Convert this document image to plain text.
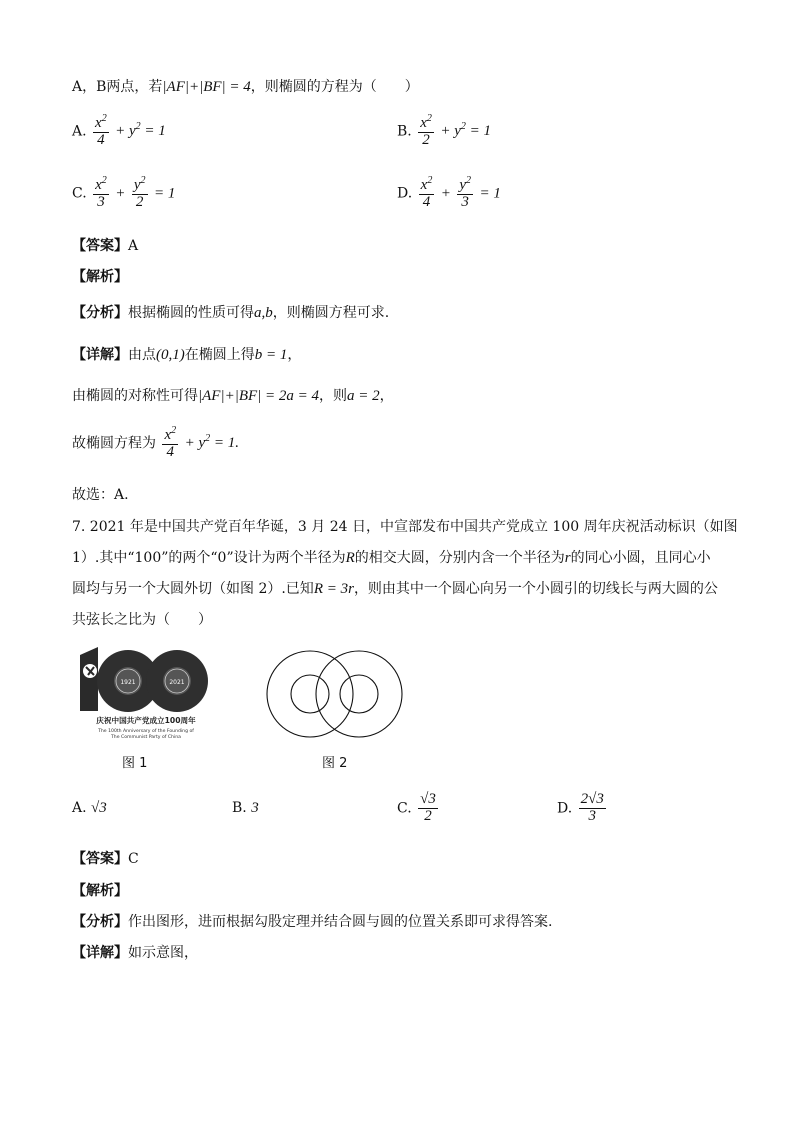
A，B两点，若|AF|+|BF| = 4，则椭圆的方程为（　　）
A. $\frac{x^2}{4} + y^2 = 1$	B. $\frac{x^2}{2} + y^2 = 1$
C. $\frac{x^2}{3} + \frac{y^2}{2} = 1$	D. $\frac{x^2}{4} + \frac{y^2}{3} = 1$
【答案】A
【解析】
【分析】根据椭圆的性质可得a,b，则椭圆方程可求.
【详解】由点(0,1)在椭圆上得b = 1，
由椭圆的对称性可得|AF|+|BF| = 2a = 4，则a = 2，
故椭圆方程为 $\frac{x^2}{4} + y^2 = 1$.
故选：A.
7. 2021 年是中国共产党百年华诞，3 月 24 日，中宣部发布中国共产党成立 100 周年庆祝活动标识（如图
1）.其中“100”的两个“0”设计为两个半径为R的相交大圆，分别内含一个半径为r的同心小圆，且同心小
圆均与另一个大圆外切（如图 2）.已知R = 3r，则由其中一个圆心向另一个小圆引的切线长与两大圆的公
共弦长之比为（　　）
1921	2021
庆祝中国共产党成立100周年
The 100th Anniversary of the Founding of
The Communist Party of China
图 1	图 2
A. √3	B. 3	C. $\frac{√3}{2}$	D. $\frac{2√3}{3}$
【答案】C
【解析】
【分析】作出图形，进而根据勾股定理并结合圆与圆的位置关系即可求得答案.
【详解】如示意图，
